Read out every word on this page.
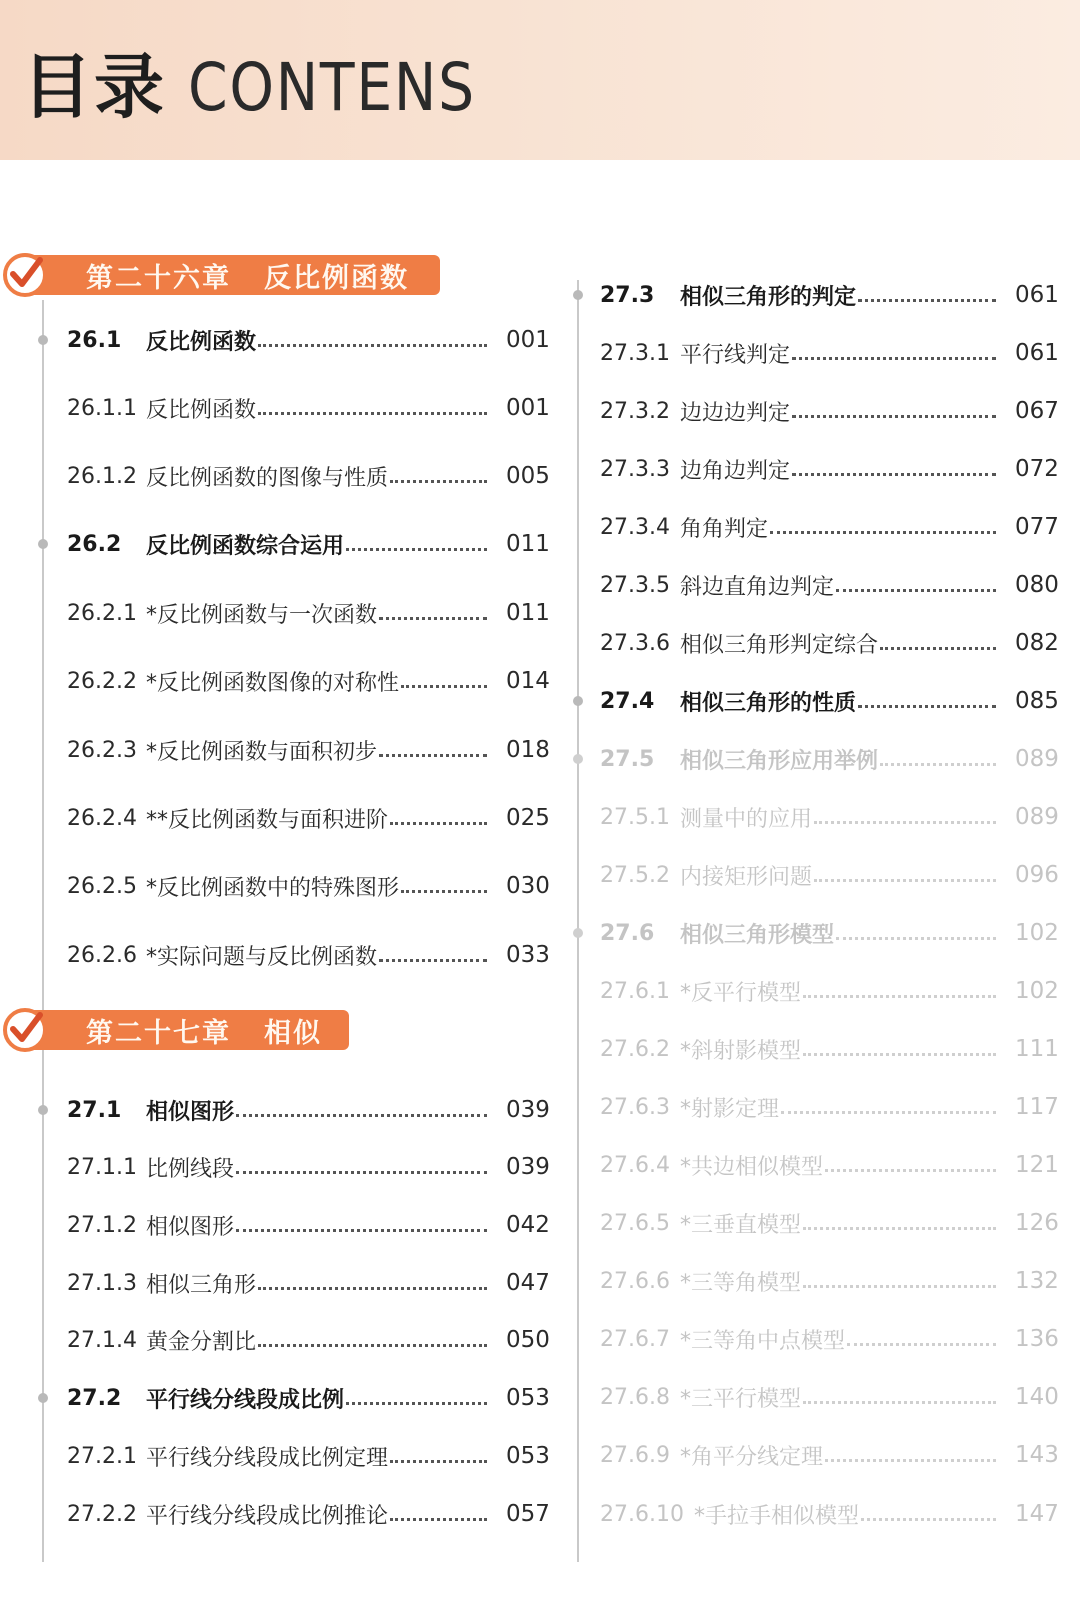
目录 CONTENS
第二十六章 反比例函数
第二十七章 相似
26.1 反比例函数	001
26.1.1 反比例函数	001
26.1.2 反比例函数的图像与性质	005
26.2 反比例函数综合运用	011
26.2.1 *反比例函数与一次函数	011
26.2.2 *反比例函数图像的对称性	014
26.2.3 *反比例函数与面积初步	018
26.2.4 **反比例函数与面积进阶	025
26.2.5 *反比例函数中的特殊图形	030
26.2.6 *实际问题与反比例函数	033
27.1 相似图形	039
27.1.1 比例线段	039
27.1.2 相似图形	042
27.1.3 相似三角形	047
27.1.4 黄金分割比	050
27.2 平行线分线段成比例	053
27.2.1 平行线分线段成比例定理	053
27.2.2 平行线分线段成比例推论	057
27.3 相似三角形的判定	061
27.3.1 平行线判定	061
27.3.2 边边边判定	067
27.3.3 边角边判定	072
27.3.4 角角判定	077
27.3.5 斜边直角边判定	080
27.3.6 相似三角形判定综合	082
27.4 相似三角形的性质	085
27.5 相似三角形应用举例	089
27.5.1 测量中的应用	089
27.5.2 内接矩形问题	096
27.6 相似三角形模型	102
27.6.1 *反平行模型	102
27.6.2 *斜射影模型	111
27.6.3 *射影定理	117
27.6.4 *共边相似模型	121
27.6.5 *三垂直模型	126
27.6.6 *三等角模型	132
27.6.7 *三等角中点模型	136
27.6.8 *三平行模型	140
27.6.9 *角平分线定理	143
27.6.10 *手拉手相似模型	147
